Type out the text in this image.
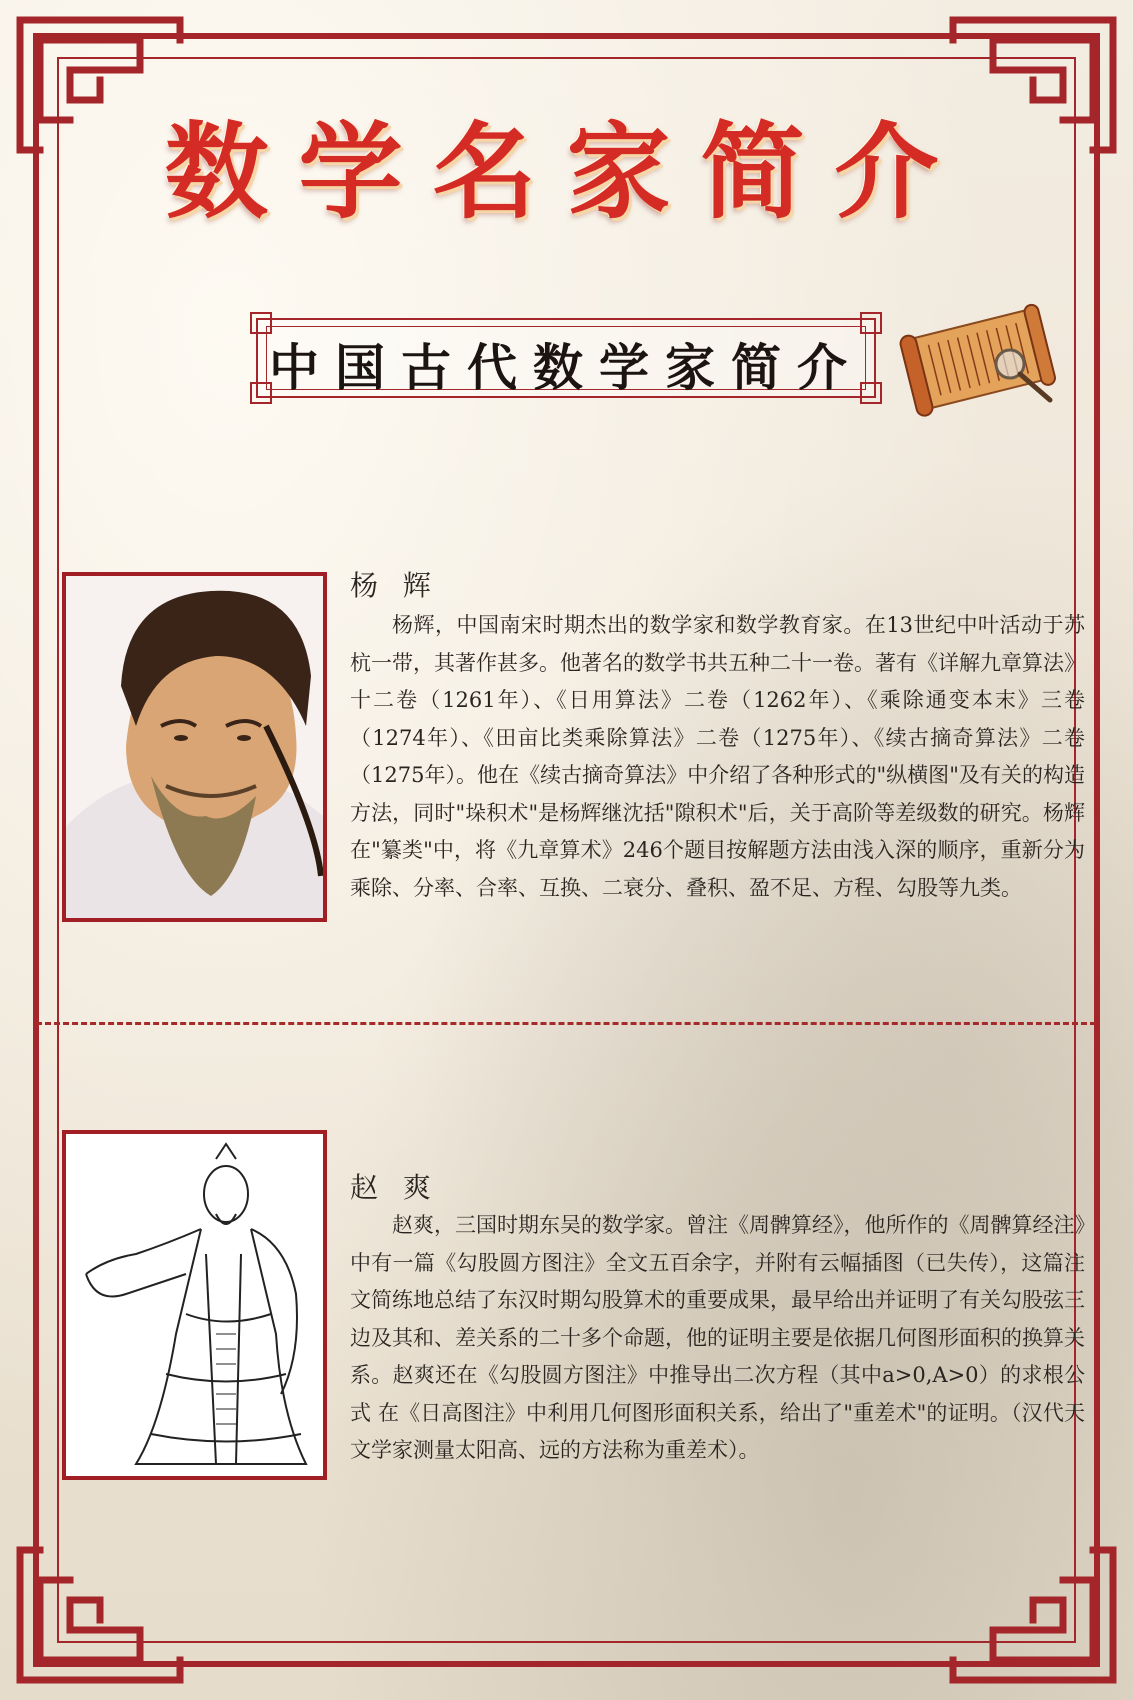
数学名家简介
中国古代数学家简介
杨 辉

杨辉，中国南宋时期杰出的数学家和数学教育家。在13世纪中叶活动于苏杭一带，其著作甚多。他著名的数学书共五种二十一卷。著有《详解九章算法》十二卷（1261年）、《日用算法》二卷（1262年）、《乘除通变本末》三卷（1274年）、《田亩比类乘除算法》二卷（1275年）、《续古摘奇算法》二卷（1275年）。他在《续古摘奇算法》中介绍了各种形式的"纵横图"及有关的构造方法，同时"垛积术"是杨辉继沈括"隙积术"后，关于高阶等差级数的研究。杨辉在"纂类"中，将《九章算术》246个题目按解题方法由浅入深的顺序，重新分为乘除、分率、合率、互换、二衰分、叠积、盈不足、方程、勾股等九类。

赵 爽

赵爽，三国时期东吴的数学家。曾注《周髀算经》，他所作的《周髀算经注》中有一篇《勾股圆方图注》全文五百余字，并附有云幅插图（已失传），这篇注文简练地总结了东汉时期勾股算术的重要成果，最早给出并证明了有关勾股弦三边及其和、差关系的二十多个命题，他的证明主要是依据几何图形面积的换算关系。赵爽还在《勾股圆方图注》中推导出二次方程（其中a>0,A>0）的求根公式 在《日高图注》中利用几何图形面积关系，给出了"重差术"的证明。（汉代天文学家测量太阳高、远的方法称为重差术）。
